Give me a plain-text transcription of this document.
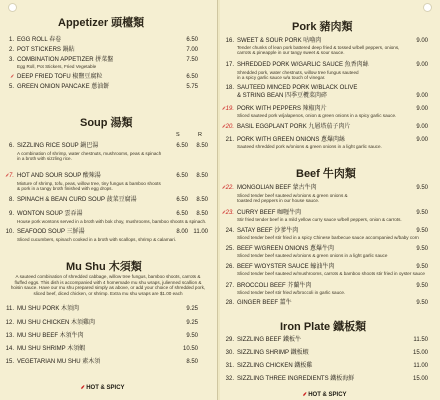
Appetizer 頭檯類
1. EGG ROLL 春卷	6.50
2. POT STICKERS 鍋貼	7.00
3. COMBINATION APPETIZER 拼菜盤	7.50
Egg Roll, Pot Stickers, Fried Vegetable
⸙ DEEP FRIED TOFU 椒鹽豆腐粒	6.50
5. GREEN ONION PANCAKE 蔥油餅	5.75
Soup 湯類
S	R
6. SIZZLING RICE SOUP 鍋巴湯	6.50 8.50
A combination of shrimp, water chestnuts, mushrooms, peas & spinach
in a broth with sizzling rice.
⸙7. HOT AND SOUR SOUP 酸辣湯	6.50 8.50
Mixture of shrimp, tofu, peas, willow tree, tiny fungus & bamboo shoots
& pork in a tangy broth finished with egg drops.
8. SPINACH & BEAN CURD SOUP 菠菜豆腐湯	6.50 8.50
9. WONTON SOUP 雲吞湯	6.50 8.50
House pork wontons served in a broth with bok choy, mushrooms, bamboo shoots & spinach.
10. SEAFOOD SOUP 三鮮湯	8.00 11.00
Sliced cucumbers, spinach cooked in a broth with scallops, shrimp & calamari.
Mu Shu 木須類
A sauteed combination of shredded cabbage, willow tree fungus, bamboo shoots, carrots & fluffed eggs. This dish is accompanied with 4 homemade mu shu wraps, julienned scallion & hoisin sauce. Have our mu shu prepared simply as above, or add your choice of shredded pork, sliced beef, diced chicken, or shrimp. Extra mu shu wraps are $1.00 each
11. MU SHU PORK 木須肉	9.25
12. MU SHU CHICKEN 木須雞肉	9.25
13. MU SHU BEEF 木須牛肉	9.50
14. MU SHU SHRIMP 木須蝦	10.50
15. VEGETARIAN MU SHU 素木須	8.50
⸙ HOT & SPICY
Pork 豬肉類
16. SWEET & SOUR PORK 咕嚕肉	9.00
Tender chunks of lean pork battered deep fried & tossed w/bell peppers, onions,
carrots & pineapple in our tangy sweet & sour sauce.
17. SHREDDED PORK W/GARLIC SAUCE 魚香肉絲	9.00
Shredded pork, water chestnuts, willow tree fungus sauteed
in a spicy garlic sauce w/a touch of vinegar.
18. SAUTEED MINCED PORK W/BLACK OLIVE
& STRING BEAN 四季豆欖菜肉碎	9.00
⸙19. PORK WITH PEPPERS 辣椒肉片	9.00
Sliced sauteed pork w/jalapenos, onion & green onions in a spicy garlic sauce.
⸙20. BASIL EGGPLANT PORK 九層塔茄子肉片	9.00
21. PORK WITH GREEN ONIONS 蔥爆肉絲	9.00
Sauteed shredded pork w/onions & green onions in a light garlic sauce.
Beef 牛肉類
⸙22. MONGOLIAN BEEF 蒙古牛肉	9.50
Sliced tender beef sauteed w/onions & green onions &
toasted red peppers in our house sauce.
⸙23. CURRY BEEF 咖喱牛肉	9.50
Stir fried tender beef in a mild yellow curry sauce w/bell peppers, onion & carrots.
24. SATAY BEEF 沙爹牛肉	9.50
Sliced tender beef stir fried in a spicy Chinese barbecue sauce accompanied w/baby corn
25. BEEF W/GREEN ONIONS 蔥爆牛肉	9.50
Sliced tender beef sauteed w/onions & green onions in a light garlic sauce
26. BEEF W/OYSTER SAUCE 蠔油牛肉	9.50
Sliced tender beef sauteed w/mushrooms, carrots & bamboo shoots stir fried in oyster sauce
27. BROCCOLI BEEF 芥蘭牛肉	9.50
Sliced tender beef stir fried w/broccoli in garlic sauce.
28. GINGER BEEF 薑牛	9.50
Iron Plate 鐵板類
29. SIZZLING BEEF 鐵板牛	11.50
30. SIZZLING SHRIMP 鐵板蝦	15.00
31. SIZZLING CHICKEN 鐵板雞	11.00
32. SIZZLING THREE INGREDIENTS 鐵板海鮮	15.00
⸙ HOT & SPICY
